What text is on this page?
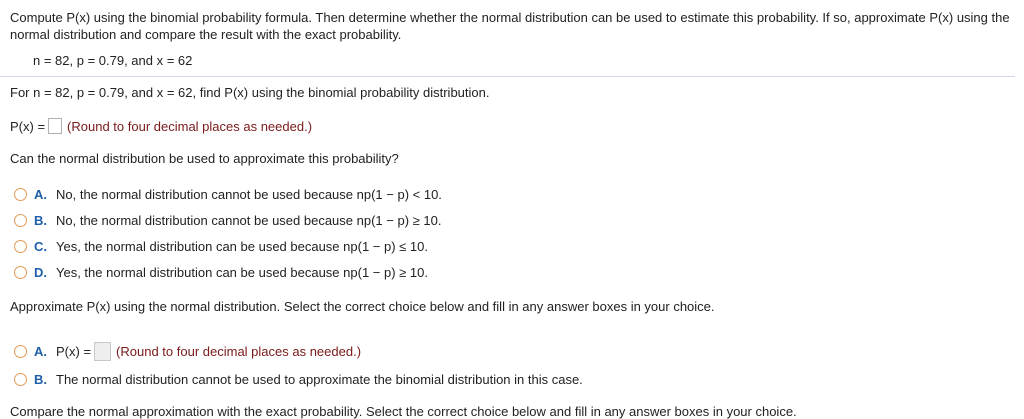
Compute P(x) using the binomial probability formula. Then determine whether the normal distribution can be used to estimate this probability. If so, approximate P(x) using the normal distribution and compare the result with the exact probability.
n = 82, p = 0.79, and x = 62
For n = 82, p = 0.79, and x = 62, find P(x) using the binomial probability distribution.
P(x) = (Round to four decimal places as needed.)
Can the normal distribution be used to approximate this probability?
A. No, the normal distribution cannot be used because np(1 − p) < 10.
B. No, the normal distribution cannot be used because np(1 − p) ≥ 10.
C. Yes, the normal distribution can be used because np(1 − p) ≤ 10.
D. Yes, the normal distribution can be used because np(1 − p) ≥ 10.
Approximate P(x) using the normal distribution. Select the correct choice below and fill in any answer boxes in your choice.
A. P(x) = (Round to four decimal places as needed.)
B. The normal distribution cannot be used to approximate the binomial distribution in this case.
Compare the normal approximation with the exact probability. Select the correct choice below and fill in any answer boxes in your choice.
